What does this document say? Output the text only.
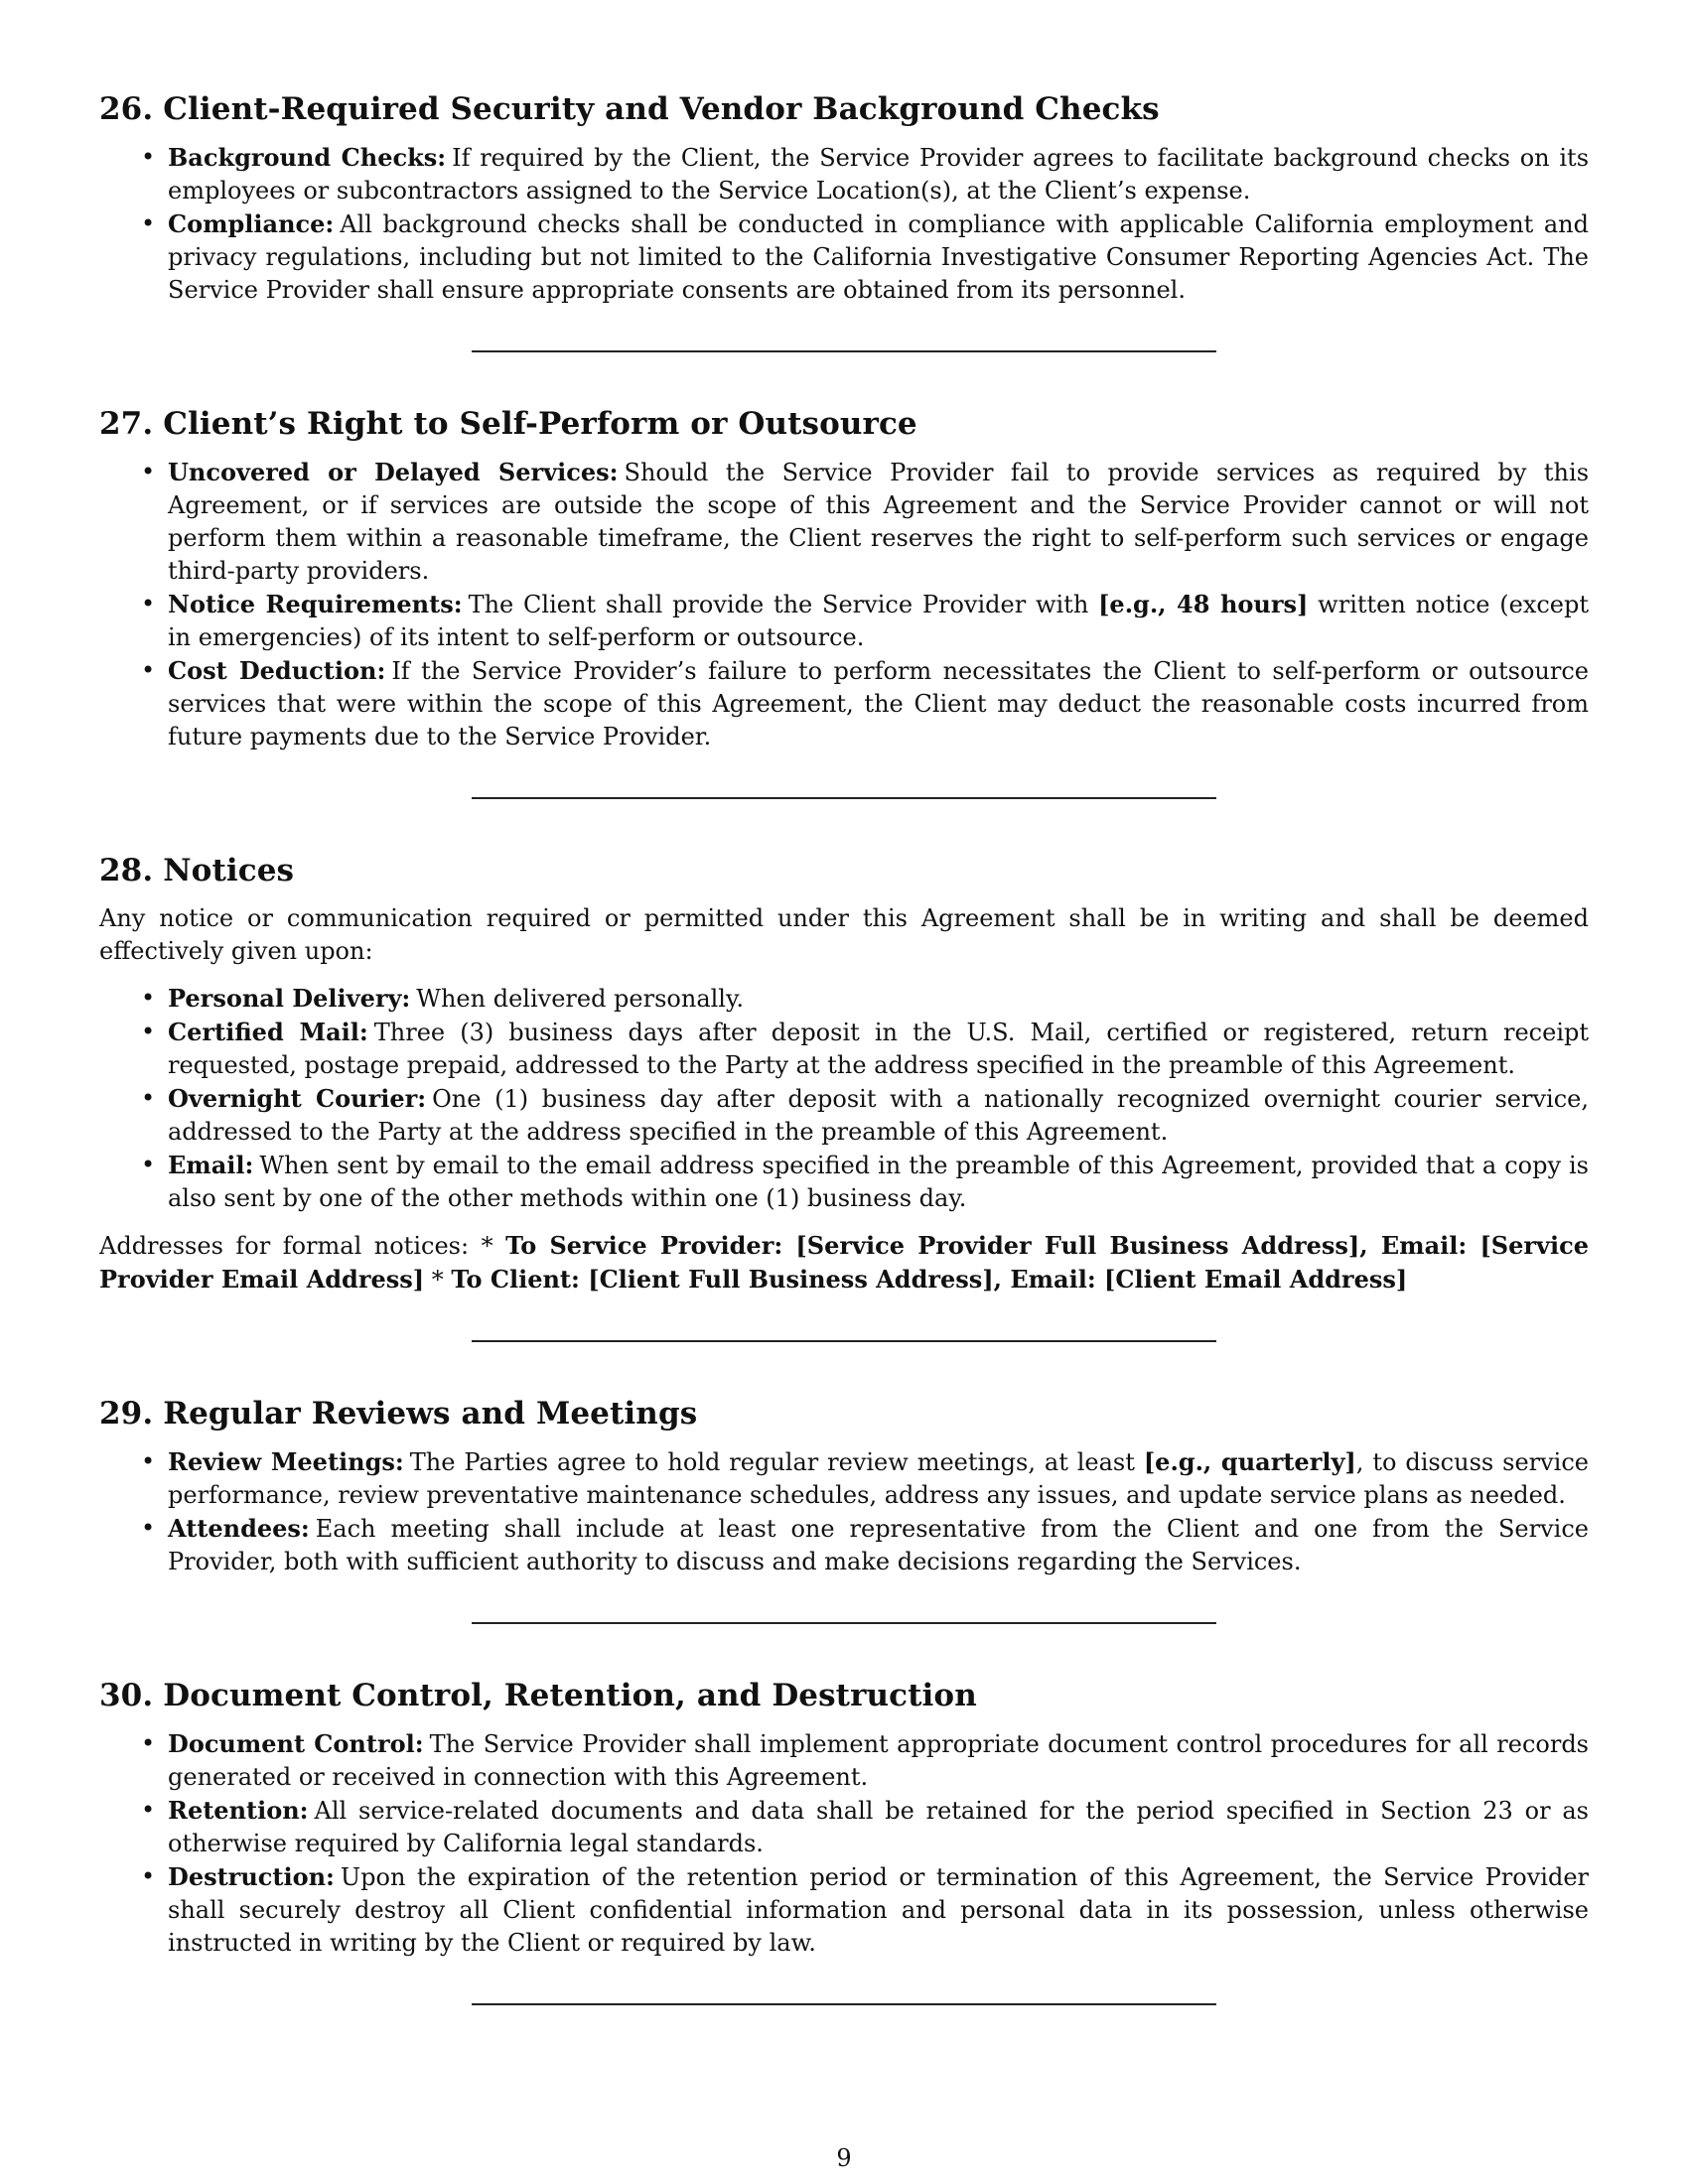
26. Client-Required Security and Vendor Background Checks
• Background Checks: If required by the Client, the Service Provider agrees to facilitate background checks on its employees or subcontractors assigned to the Service Location(s), at the Client’s expense.
• Compliance: All background checks shall be conducted in compliance with applicable California employment and privacy regulations, including but not limited to the California Investigative Consumer Reporting Agencies Act. The Service Provider shall ensure appropriate consents are obtained from its personnel.
27. Client’s Right to Self-Perform or Outsource
• Uncovered or Delayed Services: Should the Service Provider fail to provide services as required by this Agreement, or if services are outside the scope of this Agreement and the Service Provider cannot or will not perform them within a reasonable timeframe, the Client reserves the right to self-perform such services or engage third-party providers.
• Notice Requirements: The Client shall provide the Service Provider with [e.g., 48 hours] written notice (except in emergencies) of its intent to self-perform or outsource.
• Cost Deduction: If the Service Provider’s failure to perform necessitates the Client to self-perform or outsource services that were within the scope of this Agreement, the Client may deduct the reasonable costs incurred from future payments due to the Service Provider.
28. Notices

Any notice or communication required or permitted under this Agreement shall be in writing and shall be deemed effectively given upon:

• Personal Delivery: When delivered personally.
• Certified Mail: Three (3) business days after deposit in the U.S. Mail, certified or registered, return receipt requested, postage prepaid, addressed to the Party at the address specified in the preamble of this Agreement.
• Overnight Courier: One (1) business day after deposit with a nationally recognized overnight courier service, addressed to the Party at the address specified in the preamble of this Agreement.
• Email: When sent by email to the email address specified in the preamble of this Agreement, provided that a copy is also sent by one of the other methods within one (1) business day.

Addresses for formal notices: * To Service Provider: [Service Provider Full Business Address], Email: [Service Provider Email Address] * To Client: [Client Full Business Address], Email: [Client Email Address]

29. Regular Reviews and Meetings
• Review Meetings: The Parties agree to hold regular review meetings, at least [e.g., quarterly], to discuss service performance, review preventative maintenance schedules, address any issues, and update service plans as needed.
• Attendees: Each meeting shall include at least one representative from the Client and one from the Service Provider, both with sufficient authority to discuss and make decisions regarding the Services.
30. Document Control, Retention, and Destruction
• Document Control: The Service Provider shall implement appropriate document control procedures for all records generated or received in connection with this Agreement.
• Retention: All service-related documents and data shall be retained for the period specified in Section 23 or as otherwise required by California legal standards.
• Destruction: Upon the expiration of the retention period or termination of this Agreement, the Service Provider shall securely destroy all Client confidential information and personal data in its possession, unless otherwise instructed in writing by the Client or required by law.
9
